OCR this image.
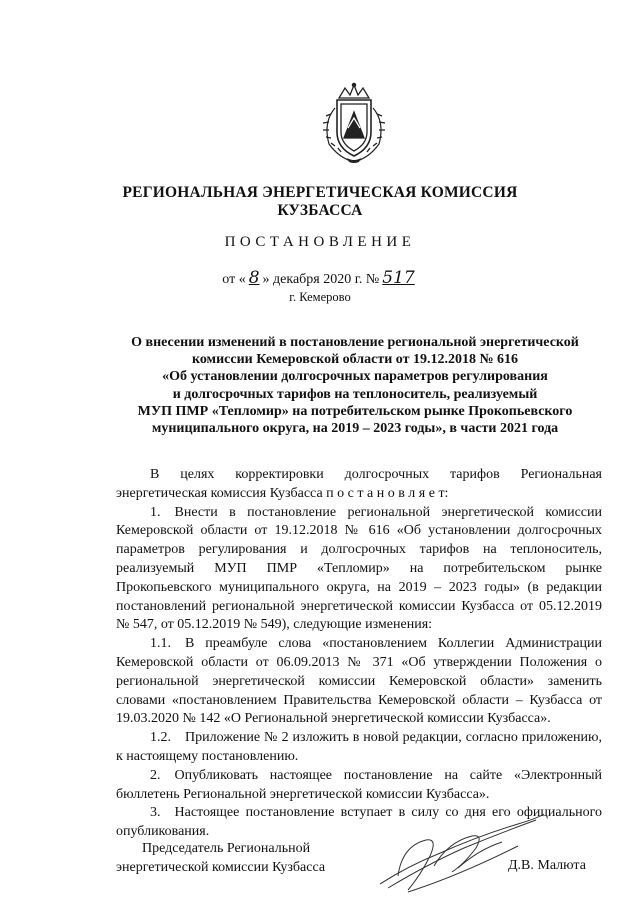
РЕГИОНАЛЬНАЯ ЭНЕРГЕТИЧЕСКАЯ КОМИССИЯ
КУЗБАССА
ПОСТАНОВЛЕНИЕ
от « 8 » декабря 2020 г. № 517
г. Кемерово
О внесении изменений в постановление региональной энергетической
комиссии Кемеровской области от 19.12.2018 № 616
«Об установлении долгосрочных параметров регулирования
и долгосрочных тарифов на теплоноситель, реализуемый
МУП ПМР «Тепломир» на потребительском рынке Прокопьевского
муниципального округа, на 2019 – 2023 годы», в части 2021 года

В целях корректировки долгосрочных тарифов Региональная энергетическая комиссия Кузбасса п о с т а н о в л я е т:

1. Внести в постановление региональной энергетической комиссии Кемеровской области от 19.12.2018 № 616 «Об установлении долгосрочных параметров регулирования и долгосрочных тарифов на теплоноситель, реализуемый МУП ПМР «Тепломир» на потребительском рынке Прокопьевского муниципального округа, на 2019 – 2023 годы» (в редакции постановлений региональной энергетической комиссии Кузбасса от 05.12.2019 № 547, от 05.12.2019 № 549), следующие изменения:

1.1. В преамбуле слова «постановлением Коллегии Администрации Кемеровской области от 06.09.2013 № 371 «Об утверждении Положения о региональной энергетической комиссии Кемеровской области» заменить словами «постановлением Правительства Кемеровской области – Кузбасса от 19.03.2020 № 142 «О Региональной энергетической комиссии Кузбасса».

1.2. Приложение № 2 изложить в новой редакции, согласно приложению, к настоящему постановлению.

2. Опубликовать настоящее постановление на сайте «Электронный бюллетень Региональной энергетической комиссии Кузбасса».

3. Настоящее постановление вступает в силу со дня его официального опубликования.

Председатель Региональной
энергетической комиссии Кузбасса	Д.В. Малюта
